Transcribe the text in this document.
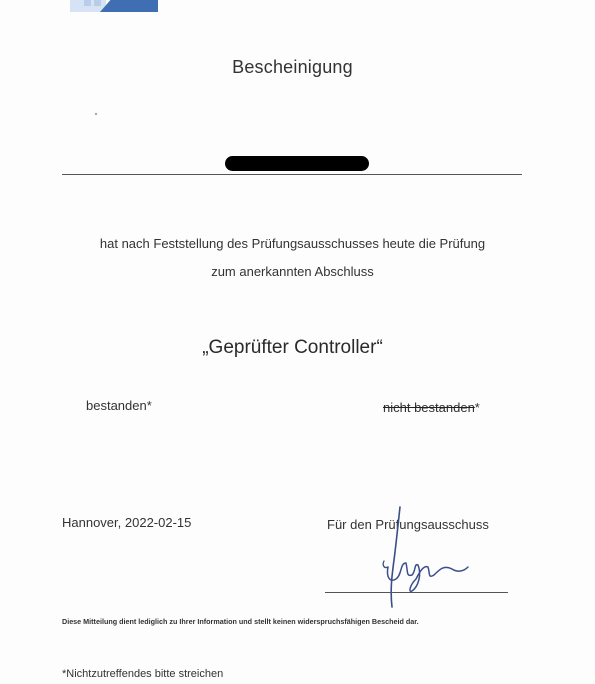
Bescheinigung
hat nach Feststellung des Prüfungsausschusses heute die Prüfung
zum anerkannten Abschluss
„Geprüfter Controller“
bestanden*	nicht bestanden*
Hannover, 2022-02-15	Für den Prüfungsausschuss
Diese Mitteilung dient lediglich zu Ihrer Information und stellt keinen widerspruchsfähigen Bescheid dar.
*Nichtzutreffendes bitte streichen
